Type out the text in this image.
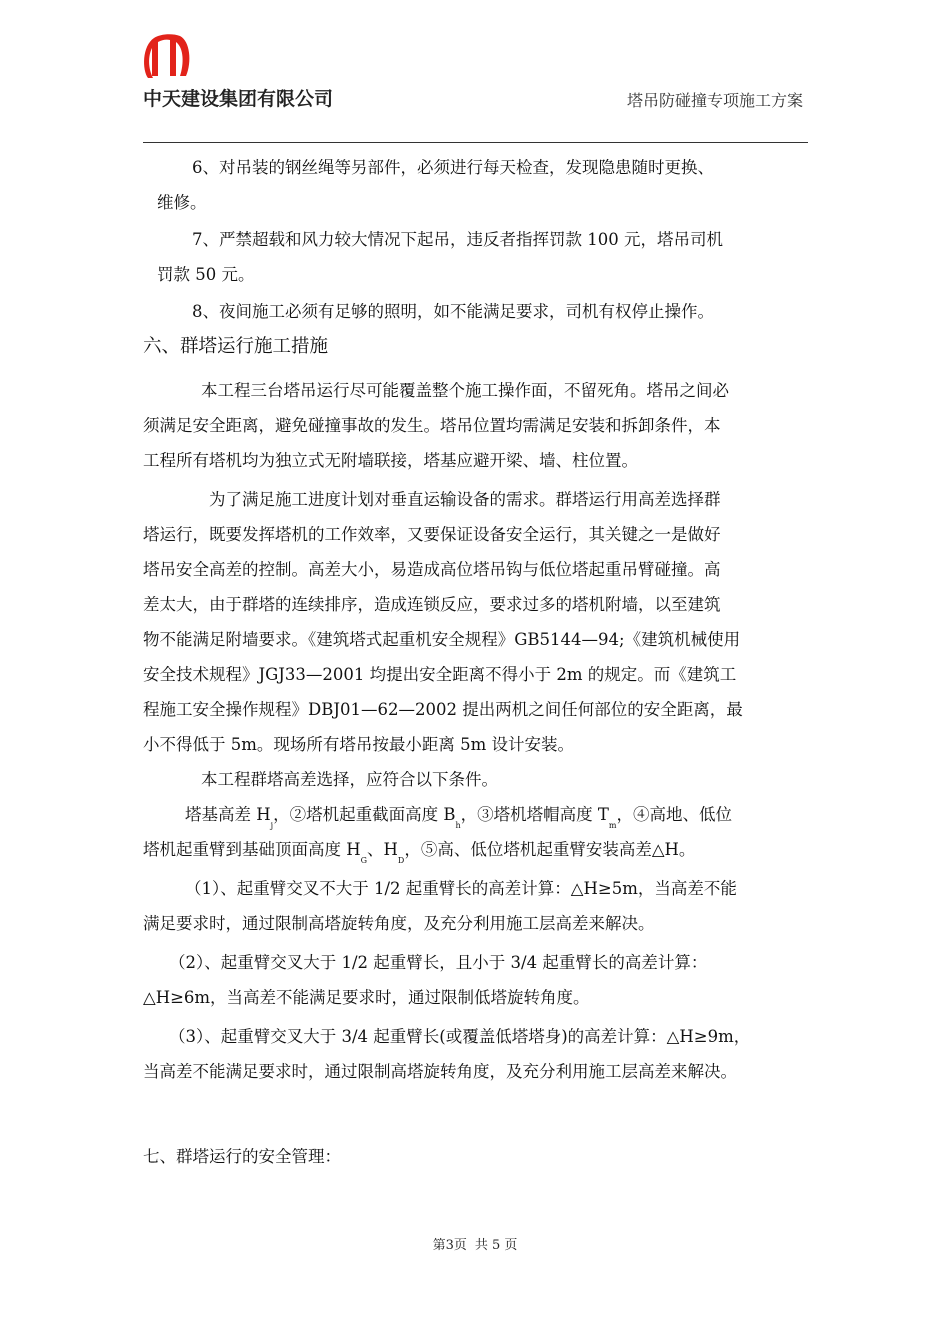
中天建设集团有限公司	塔吊防碰撞专项施工方案

6、对吊装的钢丝绳等另部件，必须进行每天检查，发现隐患随时更换、

维修。

7、严禁超载和风力较大情况下起吊，违反者指挥罚款 100 元，塔吊司机

罚款 50 元。

8、夜间施工必须有足够的照明，如不能满足要求，司机有权停止操作。

六、群塔运行施工措施

本工程三台塔吊运行尽可能覆盖整个施工操作面，不留死角。塔吊之间必

须满足安全距离，避免碰撞事故的发生。塔吊位置均需满足安装和拆卸条件，本

工程所有塔机均为独立式无附墙联接，塔基应避开梁、墙、柱位置。

为了满足施工进度计划对垂直运输设备的需求。群塔运行用高差选择群

塔运行，既要发挥塔机的工作效率，又要保证设备安全运行，其关键之一是做好

塔吊安全高差的控制。高差大小，易造成高位塔吊钩与低位塔起重吊臂碰撞。高

差太大，由于群塔的连续排序，造成连锁反应，要求过多的塔机附墙，以至建筑

物不能满足附墙要求。《建筑塔式起重机安全规程》GB5144—94;《建筑机械使用

安全技术规程》JGJ33—2001 均提出安全距离不得小于 2m 的规定。而《建筑工

程施工安全操作规程》DBJ01—62—2002 提出两机之间任何部位的安全距离，最

小不得低于 5m。现场所有塔吊按最小距离 5m 设计安装。

本工程群塔高差选择，应符合以下条件。

塔基高差 $H_j$，②塔机起重截面高度 $B_h$，③塔机塔帽高度 $T_m$，④高地、低位

塔机起重臂到基础顶面高度 $H_G$、$H_D$，⑤高、低位塔机起重臂安装高差△H。

（1）、起重臂交叉不大于 1/2 起重臂长的高差计算：△H≥5m，当高差不能

满足要求时，通过限制高塔旋转角度，及充分利用施工层高差来解决。

（2）、起重臂交叉大于 1/2 起重臂长，且小于 3/4 起重臂长的高差计算：

△H≥6m，当高差不能满足要求时，通过限制低塔旋转角度。

（3）、起重臂交叉大于 3/4 起重臂长(或覆盖低塔塔身)的高差计算：△H≥9m，

当高差不能满足要求时，通过限制高塔旋转角度，及充分利用施工层高差来解决。

七、群塔运行的安全管理：

第3页 共 5 页
